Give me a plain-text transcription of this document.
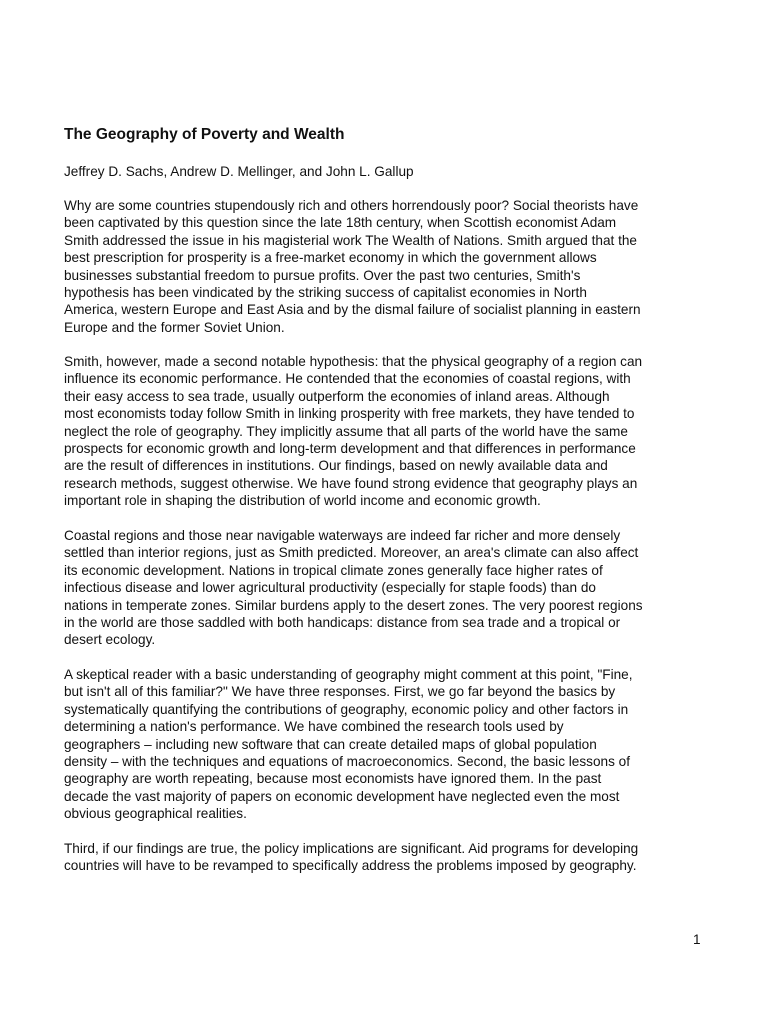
The Geography of Poverty and Wealth

Jeffrey D. Sachs, Andrew D. Mellinger, and John L. Gallup

Why are some countries stupendously rich and others horrendously poor? Social theorists have
been captivated by this question since the late 18th century, when Scottish economist Adam
Smith addressed the issue in his magisterial work The Wealth of Nations. Smith argued that the
best prescription for prosperity is a free-market economy in which the government allows
businesses substantial freedom to pursue profits. Over the past two centuries, Smith's
hypothesis has been vindicated by the striking success of capitalist economies in North
America, western Europe and East Asia and by the dismal failure of socialist planning in eastern
Europe and the former Soviet Union.

Smith, however, made a second notable hypothesis: that the physical geography of a region can
influence its economic performance. He contended that the economies of coastal regions, with
their easy access to sea trade, usually outperform the economies of inland areas. Although
most economists today follow Smith in linking prosperity with free markets, they have tended to
neglect the role of geography. They implicitly assume that all parts of the world have the same
prospects for economic growth and long-term development and that differences in performance
are the result of differences in institutions. Our findings, based on newly available data and
research methods, suggest otherwise. We have found strong evidence that geography plays an
important role in shaping the distribution of world income and economic growth.

Coastal regions and those near navigable waterways are indeed far richer and more densely
settled than interior regions, just as Smith predicted. Moreover, an area's climate can also affect
its economic development. Nations in tropical climate zones generally face higher rates of
infectious disease and lower agricultural productivity (especially for staple foods) than do
nations in temperate zones. Similar burdens apply to the desert zones. The very poorest regions
in the world are those saddled with both handicaps: distance from sea trade and a tropical or
desert ecology.

A skeptical reader with a basic understanding of geography might comment at this point, "Fine,
but isn't all of this familiar?" We have three responses. First, we go far beyond the basics by
systematically quantifying the contributions of geography, economic policy and other factors in
determining a nation's performance. We have combined the research tools used by
geographers – including new software that can create detailed maps of global population
density – with the techniques and equations of macroeconomics. Second, the basic lessons of
geography are worth repeating, because most economists have ignored them. In the past
decade the vast majority of papers on economic development have neglected even the most
obvious geographical realities.

Third, if our findings are true, the policy implications are significant. Aid programs for developing
countries will have to be revamped to specifically address the problems imposed by geography.

1
